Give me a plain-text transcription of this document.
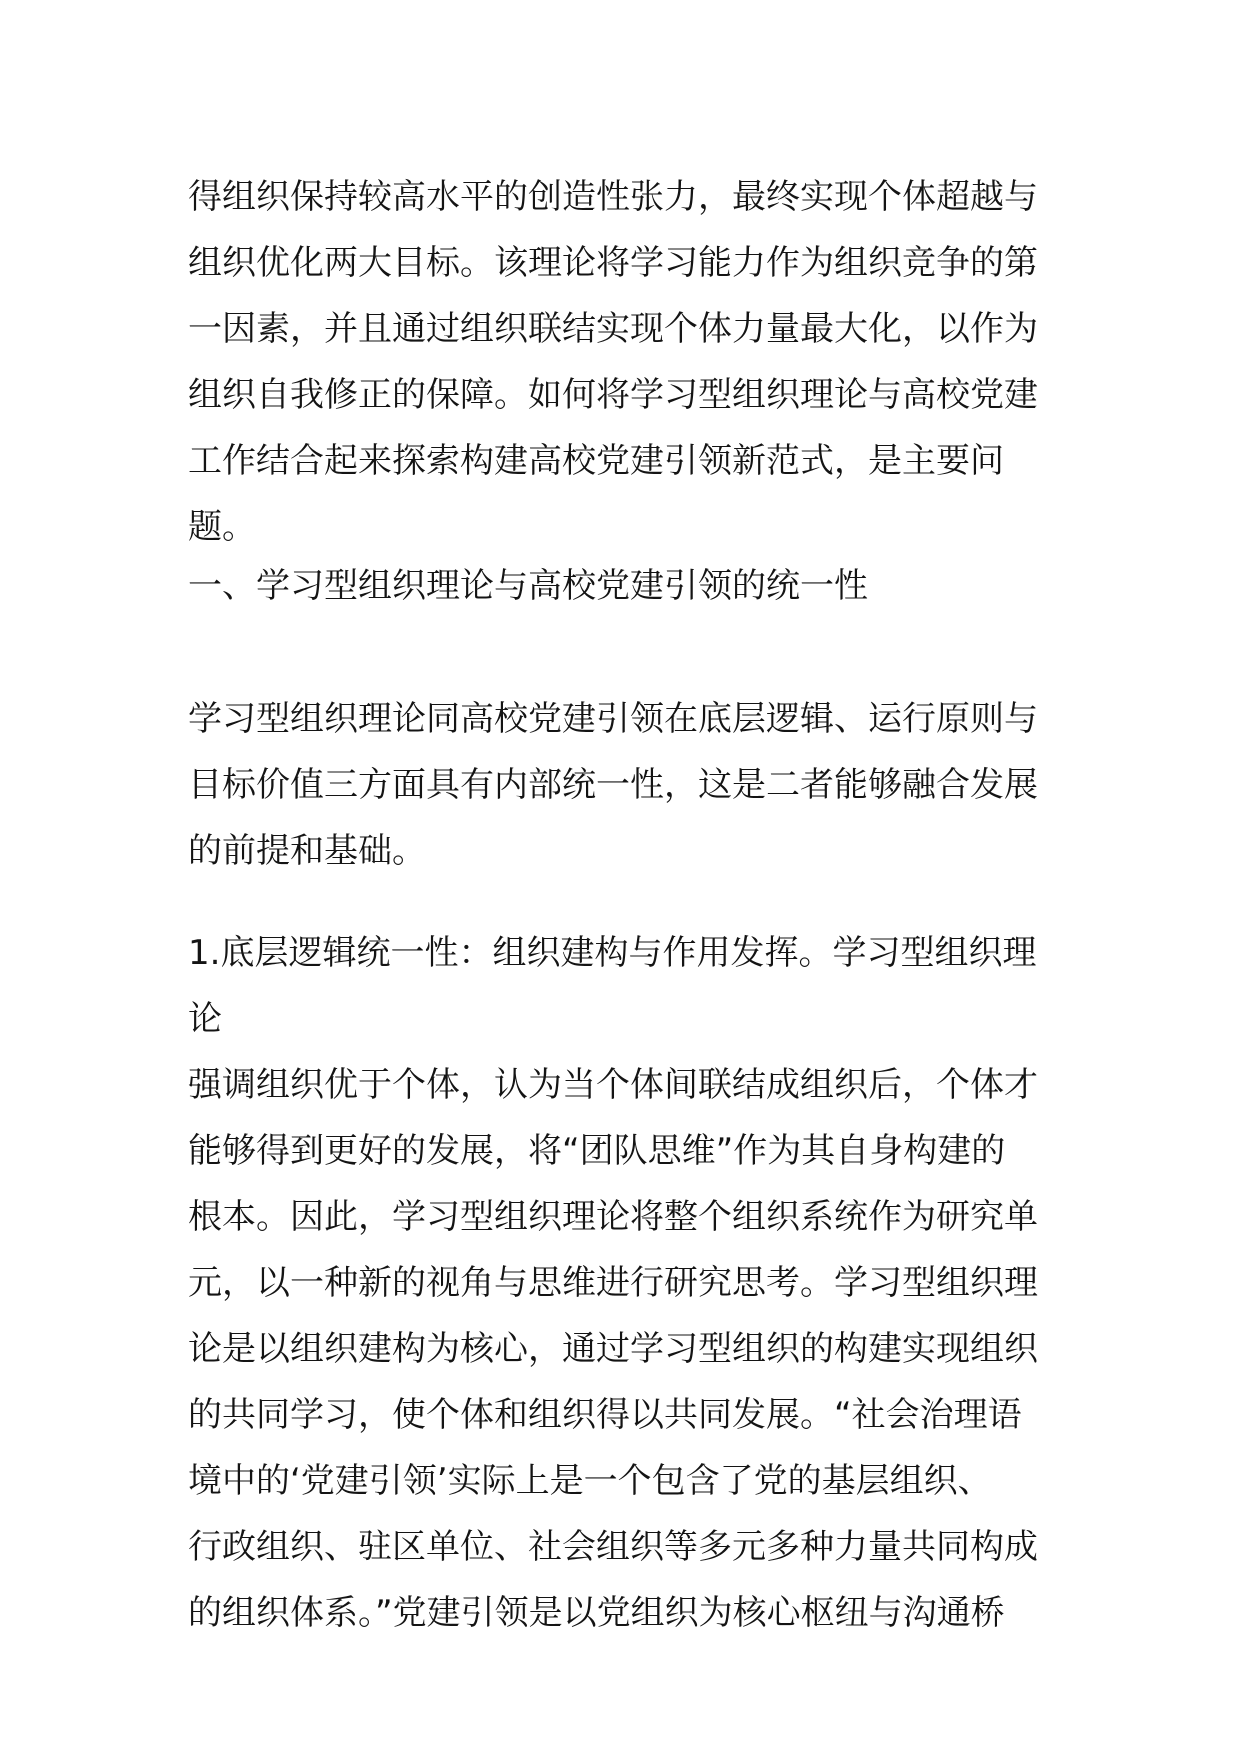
得组织保持较高水平的创造性张力，最终实现个体超越与
组织优化两大目标。该理论将学习能力作为组织竞争的第
一因素，并且通过组织联结实现个体力量最大化，以作为
组织自我修正的保障。如何将学习型组织理论与高校党建
工作结合起来探索构建高校党建引领新范式，是主要问题。

一、学习型组织理论与高校党建引领的统一性

学习型组织理论同高校党建引领在底层逻辑、运行原则与
目标价值三方面具有内部统一性，这是二者能够融合发展
的前提和基础。

1.底层逻辑统一性：组织建构与作用发挥。学习型组织理论
强调组织优于个体，认为当个体间联结成组织后，个体才
能够得到更好的发展，将“团队思维”作为其自身构建的
根本。因此，学习型组织理论将整个组织系统作为研究单
元，以一种新的视角与思维进行研究思考。学习型组织理
论是以组织建构为核心，通过学习型组织的构建实现组织
的共同学习，使个体和组织得以共同发展。“社会治理语
境中的‘党建引领’实际上是一个包含了党的基层组织、
行政组织、驻区单位、社会组织等多元多种力量共同构成
的组织体系。”党建引领是以党组织为核心枢纽与沟通桥
